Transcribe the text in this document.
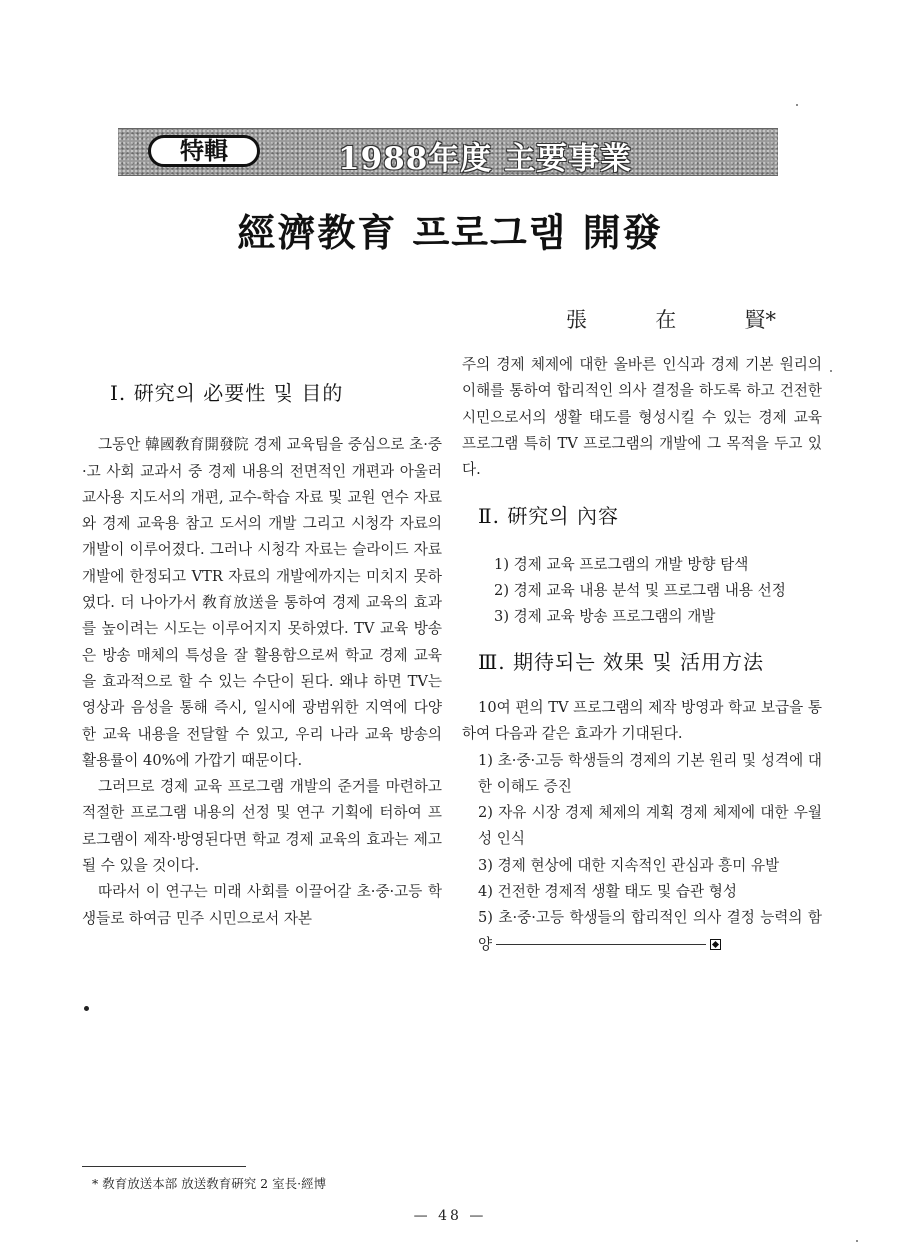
特輯	1988年度 主要事業
經濟教育 프로그램 開發
張	在	賢*
Ⅰ. 硏究의 必要性 및 目的

그동안 韓國敎育開發院 경제 교육팀을 중심으로 초·중·고 사회 교과서 중 경제 내용의 전면적인 개편과 아울러 교사용 지도서의 개편, 교수-학습 자료 및 교원 연수 자료와 경제 교육용 참고 도서의 개발 그리고 시청각 자료의 개발이 이루어졌다. 그러나 시청각 자료는 슬라이드 자료 개발에 한정되고 VTR 자료의 개발에까지는 미치지 못하였다. 더 나아가서 敎育放送을 통하여 경제 교육의 효과를 높이려는 시도는 이루어지지 못하였다. TV 교육 방송은 방송 매체의 특성을 잘 활용함으로써 학교 경제 교육을 효과적으로 할 수 있는 수단이 된다. 왜냐 하면 TV는 영상과 음성을 통해 즉시, 일시에 광범위한 지역에 다양한 교육 내용을 전달할 수 있고, 우리 나라 교육 방송의 활용률이 40%에 가깝기 때문이다.

그러므로 경제 교육 프로그램 개발의 준거를 마련하고 적절한 프로그램 내용의 선정 및 연구 기획에 터하여 프로그램이 제작·방영된다면 학교 경제 교육의 효과는 제고될 수 있을 것이다.

따라서 이 연구는 미래 사회를 이끌어갈 초·중·고등 학생들로 하여금 민주 시민으로서 자본

주의 경제 체제에 대한 올바른 인식과 경제 기본 원리의 이해를 통하여 합리적인 의사 결정을 하도록 하고 건전한 시민으로서의 생활 태도를 형성시킬 수 있는 경제 교육 프로그램 특히 TV 프로그램의 개발에 그 목적을 두고 있다.

Ⅱ. 硏究의 內容

1) 경제 교육 프로그램의 개발 방향 탐색

2) 경제 교육 내용 분석 및 프로그램 내용 선정

3) 경제 교육 방송 프로그램의 개발

Ⅲ. 期待되는 效果 및 活用方法

10여 편의 TV 프로그램의 제작 방영과 학교 보급을 통하여 다음과 같은 효과가 기대된다.

1) 초·중·고등 학생들의 경제의 기본 원리 및 성격에 대한 이해도 증진

2) 자유 시장 경제 체제의 계획 경제 체제에 대한 우월성 인식

3) 경제 현상에 대한 지속적인 관심과 흥미 유발

4) 건전한 경제적 생활 태도 및 습관 형성

5) 초·중·고등 학생들의 합리적인 의사 결정 능력의 함양

* 敎育放送本部 放送敎育硏究 2 室長·經博
— 48 —
